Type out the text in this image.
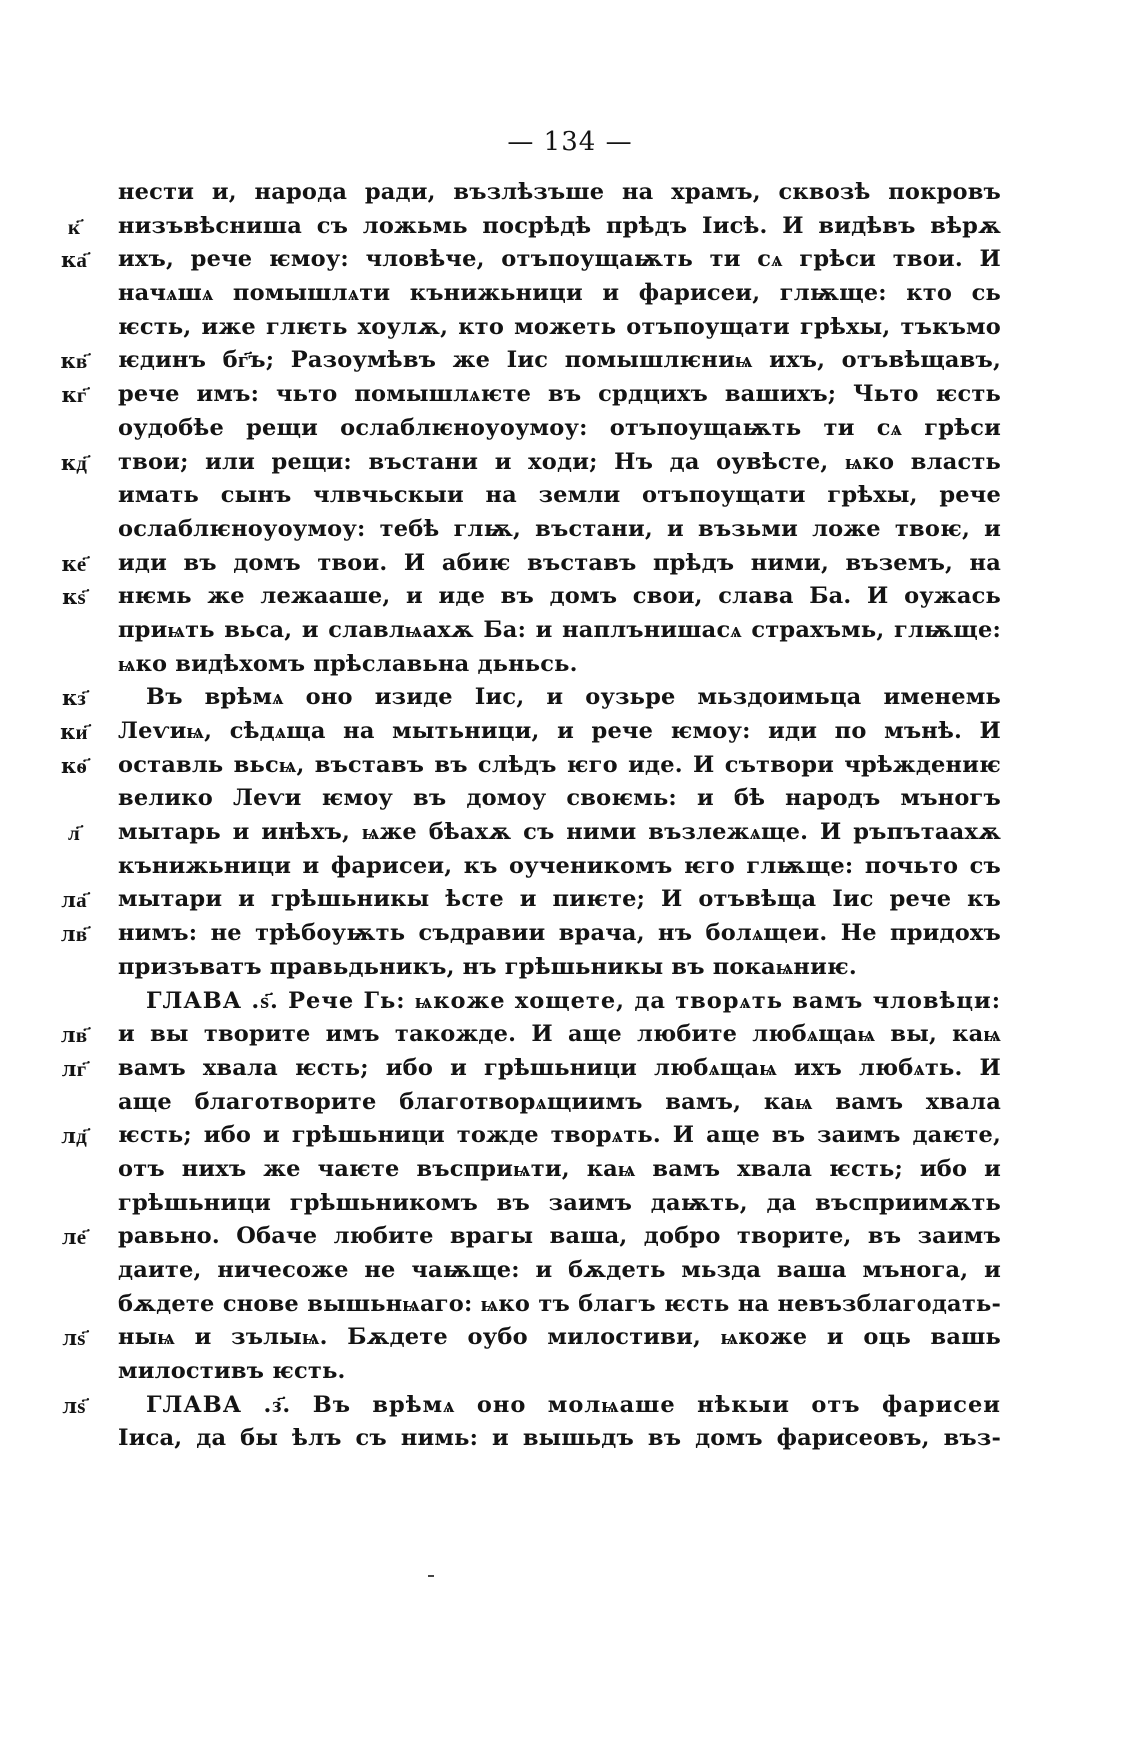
— 134 —
нести и, народа ради, възлѣзъше на храмъ, сквозѣ покровъ
к҃	низъвѣсниша съ ложьмь посрѣдѣ прѣдъ Іисѣ. И видѣвъ вѣрѫ
ка҃	ихъ, рече ѥмоу: чловѣче, отъпоущаѭть ти сѧ грѣси твои. И
начѧшѧ помышлѧти кънижьници и фарисеи, глѭще: кто сь
ѥсть, иже глѥть хоулѫ, кто можеть отъпоущати грѣхы, тъкъмо
кв҃	ѥдинъ бг҃ъ; Разоумѣвъ же Іис помышлѥниѩ ихъ, отъвѣщавъ,
кг҃	рече имъ: чьто помышлѧѥте въ срдцихъ вашихъ; Чьто ѥсть
оудобѣе рещи ослаблѥноуоумоу: отъпоущаѭть ти сѧ грѣси
кд҃	твои; или рещи: въстани и ходи; Нъ да оувѣсте, ѩко власть
имать сынъ члвчьскыи на земли отъпоущати грѣхы, рече
ослаблѥноуоумоу: тебѣ глѭ, въстани, и възьми ложе твоѥ, и
ке҃	иди въ домъ твои. И абиѥ въставъ прѣдъ ними, въземъ, на
кѕ҃	нѥмь же лежааше, и иде въ домъ свои, слава Ба. И оужась
приѩть вьса, и славлѩахѫ Ба: и наплънишасѧ страхъмь, глѭще:
ѩко видѣхомъ прѣславьна дьньсь.
кз҃	Въ врѣмѧ оно изиде Іис, и оузьре мьздоимьца именемь
ки҃	Леѵиѩ, сѣдѧща на мытьници, и рече ѥмоу: иди по мънѣ. И
кѳ҃	оставль вьсѩ, въставъ въ слѣдъ ѥго иде. И сътвори чрѣждениѥ
велико Леѵи ѥмоу въ домоу своѥмь: и бѣ народъ мъногъ
л҃	мытарь и инѣхъ, ѩже бѣахѫ съ ними възлежѧще. И ръпътаахѫ
кънижьници и фарисеи, къ оученикомъ ѥго глѭще: почьто съ
ла҃	мытари и грѣшьникы ѣсте и пиѥте; И отъвѣща Іис рече къ
лв҃	нимъ: не трѣбоуѭть съдравии врача, нъ болѧщеи. Не придохъ
призъватъ правьдьникъ, нъ грѣшьникы въ покаѩниѥ.
ГЛАВА .ѕ҃. Рече Гь: ѩкоже хощете, да творѧть вамъ чловѣци:
лв҃	и вы творите имъ такожде. И аще любите любѧщаѩ вы, каѩ
лг҃	вамъ хвала ѥсть; ибо и грѣшьници любѧщаѩ ихъ любѧть. И
аще благотворите благотворѧщиимъ вамъ, каѩ вамъ хвала
лд҃	ѥсть; ибо и грѣшьници тожде творѧть. И аще въ заимъ даѥте,
отъ нихъ же чаѥте въсприѩти, каѩ вамъ хвала ѥсть; ибо и
грѣшьници грѣшьникомъ въ заимъ даѭть, да въсприимѫть
ле҃	равьно. Обаче любите врагы ваша, добро творите, въ заимъ
даите, ничесоже не чаѭще: и бѫдеть мьзда ваша мънога, и
бѫдете снове вышьнѩаго: ѩко тъ благъ ѥсть на невъзблагодать-
лѕ҃	ныѩ и зълыѩ. Бѫдете оубо милостиви, ѩкоже и оць вашь
милостивъ ѥсть.
лѕ҃	ГЛАВА .з҃. Въ врѣмѧ оно молѩаше нѣкыи отъ фарисеи
Іиса, да бы ѣлъ съ нимь: и вышьдъ въ домъ фарисеовъ, въз-
